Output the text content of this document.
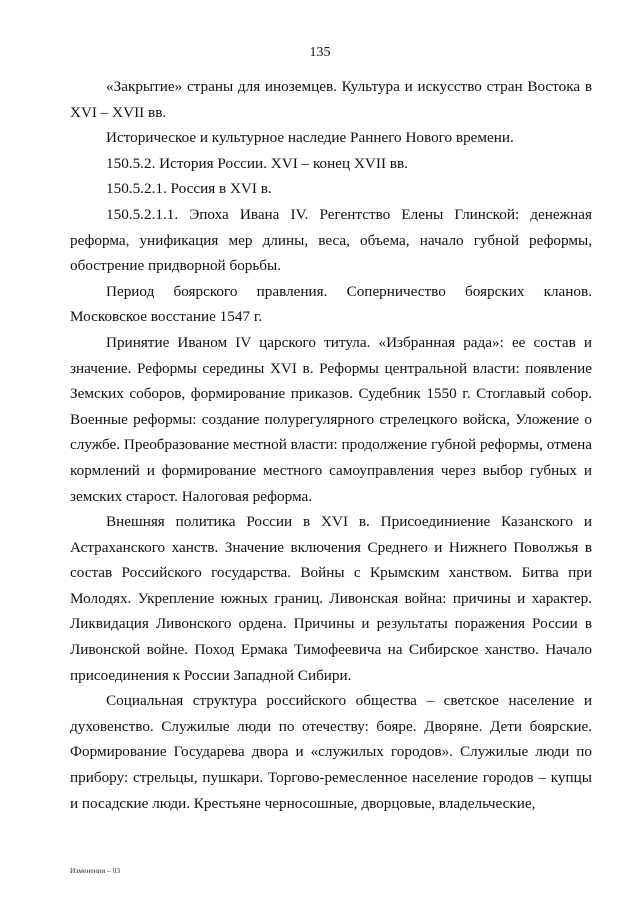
135

«Закрытие» страны для иноземцев. Культура и искусство стран Востока в XVI – XVII вв.

Историческое и культурное наследие Раннего Нового времени.

150.5.2. История России. XVI – конец XVII вв.

150.5.2.1. Россия в XVI в.

150.5.2.1.1. Эпоха Ивана IV. Регентство Елены Глинской: денежная реформа, унификация мер длины, веса, объема, начало губной реформы, обострение придворной борьбы.

Период боярского правления. Соперничество боярских кланов. Московское восстание 1547 г.

Принятие Иваном IV царского титула. «Избранная рада»: ее состав и значение. Реформы середины XVI в. Реформы центральной власти: появление Земских соборов, формирование приказов. Судебник 1550 г. Стоглавый собор. Военные реформы: создание полурегулярного стрелецкого войска, Уложение о службе. Преобразование местной власти: продолжение губной реформы, отмена кормлений и формирование местного самоуправления через выбор губных и земских старост. Налоговая реформа.

Внешняя политика России в XVI в. Присоединиение Казанского и Астраханского ханств. Значение включения Среднего и Нижнего Поволжья в состав Российского государства. Войны с Крымским ханством. Битва при Молодях. Укрепление южных границ. Ливонская война: причины и характер. Ликвидация Ливонского ордена. Причины и результаты поражения России в Ливонской войне. Поход Ермака Тимофеевича на Сибирское ханство. Начало присоединения к России Западной Сибири.

Социальная структура российского общества – светское население и духовенство. Служилые люди по отечеству: бояре. Дворяне. Дети боярские. Формирование Государева двора и «служилых городов». Служилые люди по прибору: стрельцы, пушкари. Торгово-ремесленное население городов – купцы и посадские люди. Крестьяне черносошные, дворцовые, владельческие,

Изменения – 03
